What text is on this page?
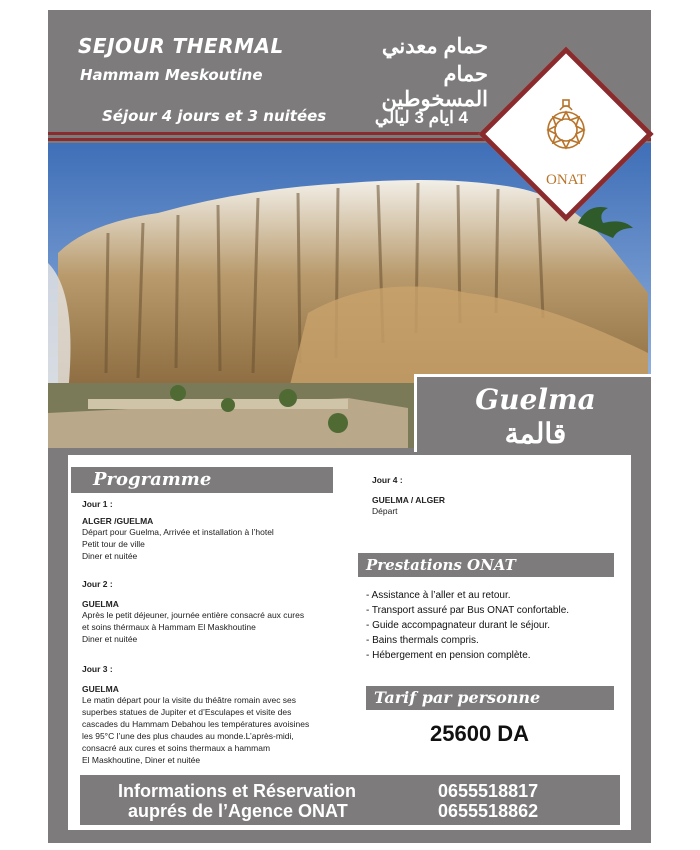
SEJOUR THERMAL
Hammam Meskoutine
Séjour 4 jours et 3 nuitées
حمام معدني
حمام المسخوطين
4 ايام 3 ليالي
ONAT
Guelma
قالمة
Programme
Jour 1 :
ALGER /GUELMA
Départ pour Guelma, Arrivée et installation à l’hotel
Petit tour de ville
Diner et nuitée
Jour 2 :
GUELMA
Après le petit déjeuner, journée entière consacré aux cures
et soins thérmaux à Hammam El Maskhoutine
Diner et nuitée
Jour 3 :
GUELMA
Le matin départ pour la visite du théâtre romain avec ses
superbes statues de Jupiter et d’Esculapes et visite des
cascades du Hammam Debahou les températures avoisines
les 95°C l’une des plus chaudes au monde.L’après-midi,
consacré aux cures et soins thermaux a hammam
El Maskhoutine, Diner et nuitée
Jour 4 :
GUELMA / ALGER
Départ
Prestations ONAT
- Assistance à l’aller et au retour.
- Transport assuré par Bus ONAT confortable.
- Guide accompagnateur durant le séjour.
- Bains thermals compris.
- Hébergement en pension complète.
Tarif par personne
25600 DA
Informations et Réservation
auprés de l’Agence ONAT
0655518817
0655518862
